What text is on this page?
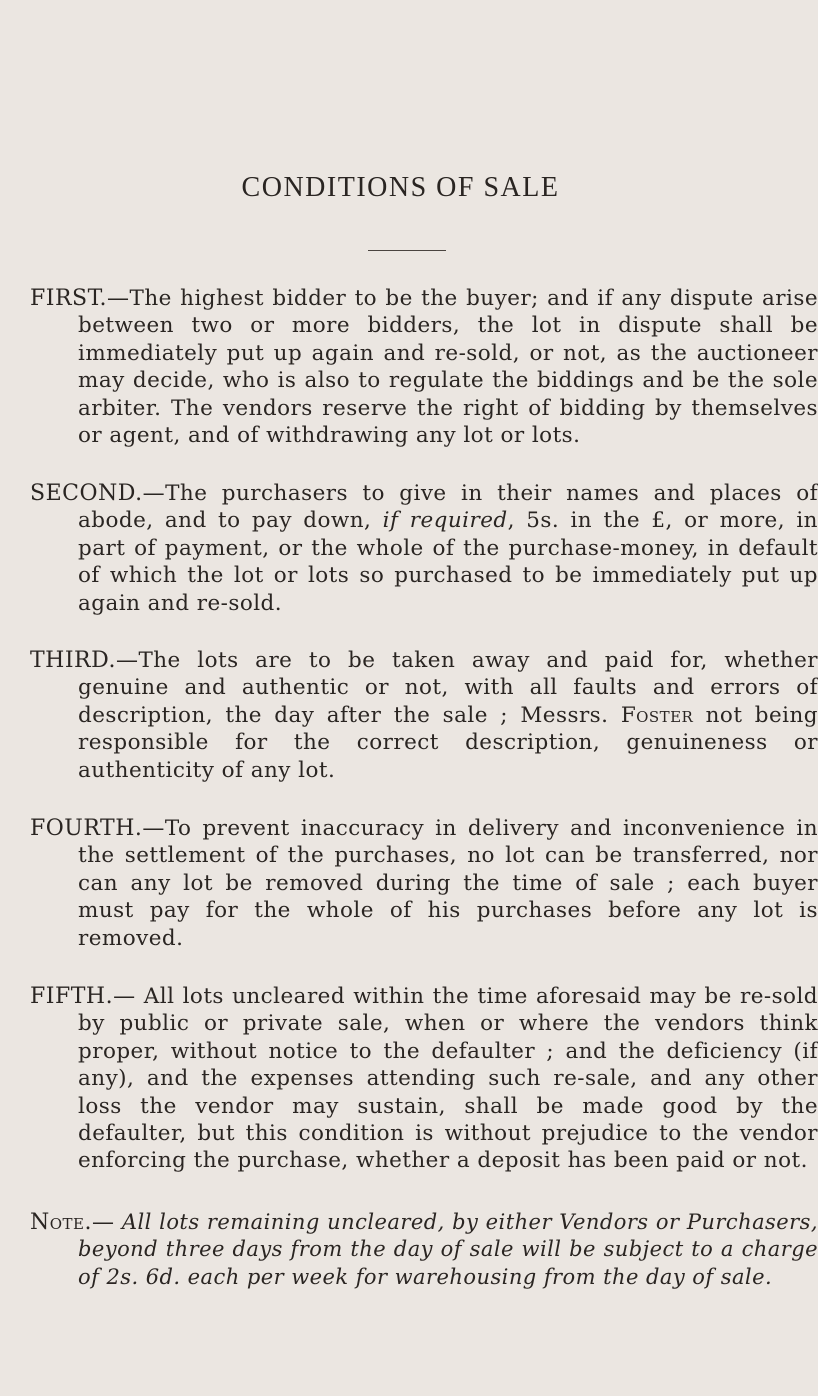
CONDITIONS OF SALE

FIRST.—The highest bidder to be the buyer; and if any dispute arise between two or more bidders, the lot in dispute shall be immediately put up again and re-sold, or not, as the auctioneer may decide, who is also to regulate the biddings and be the sole arbiter. The vendors reserve the right of bidding by themselves or agent, and of withdrawing any lot or lots.

SECOND.—The purchasers to give in their names and places of abode, and to pay down, if required, 5s. in the £, or more, in part of payment, or the whole of the purchase-money, in default of which the lot or lots so purchased to be immediately put up again and re-sold.

THIRD.—The lots are to be taken away and paid for, whether genuine and authentic or not, with all faults and errors of description, the day after the sale ; Messrs. Foster not being responsible for the correct description, genuineness or authenticity of any lot.

FOURTH.—To prevent inaccuracy in delivery and inconvenience in the settlement of the purchases, no lot can be transferred, nor can any lot be removed during the time of sale ; each buyer must pay for the whole of his purchases before any lot is removed.

FIFTH.— All lots uncleared within the time aforesaid may be re-sold by public or private sale, when or where the vendors think proper, without notice to the defaulter ; and the deficiency (if any), and the expenses attending such re-sale, and any other loss the vendor may sustain, shall be made good by the defaulter, but this condition is without prejudice to the vendor enforcing the purchase, whether a deposit has been paid or not.

Note.— All lots remaining uncleared, by either Vendors or Purchasers, beyond three days from the day of sale will be subject to a charge of 2s. 6d. each per week for warehousing from the day of sale.
